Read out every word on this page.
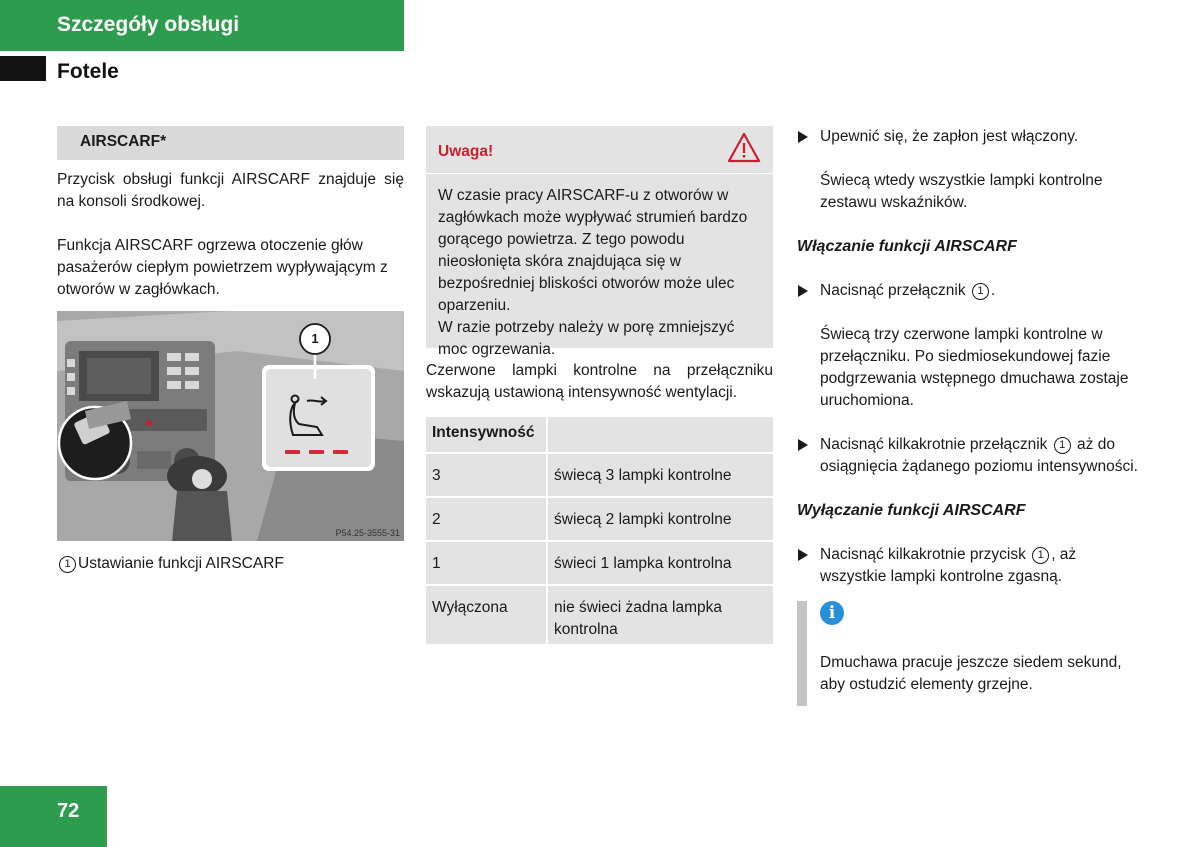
Szczegóły obsługi
Fotele
AIRSCARF*

Przycisk obsługi funkcji AIRSCARF znajduje się na konsoli środkowej.

Funkcja AIRSCARF ogrzewa otoczenie głów pasażerów ciepłym powietrzem wypływającym z otworów w zagłówkach.

1
P54.25-3555-31
1 Ustawianie funkcji AIRSCARF
Uwaga!

W czasie pracy AIRSCARF-u z otworów w zagłówkach może wypływać strumień bardzo gorącego powietrza. Z tego powodu nieosłonięta skóra znajdująca się w bezpośredniej bliskości otworów może ulec oparzeniu.

W razie potrzeby należy w porę zmniejszyć moc ogrzewania.

Czerwone lampki kontrolne na przełączniku wskazują ustawioną intensywność wentylacji.

Intensywność	
3	świecą 3 lampki kontrolne
2	świecą 2 lampki kontrolne
1	świeci 1 lampka kontrolna
Wyłączona	nie świeci żadna lampka kontrolna
Upewnić się, że zapłon jest włączony.

Świecą wtedy wszystkie lampki kontrolne zestawu wskaźników.

Włączanie funkcji AIRSCARF
Nacisnąć przełącznik 1 .

Świecą trzy czerwone lampki kontrolne w przełączniku. Po siedmiosekundowej fazie podgrzewania wstępnego dmuchawa zostaje uruchomiona.

Nacisnąć kilkakrotnie przełącznik 1 aż do osiągnięcia żądanego poziomu intensywności.
Wyłączanie funkcji AIRSCARF
Nacisnąć kilkakrotnie przycisk 1 , aż wszystkie lampki kontrolne zgasną.
i

Dmuchawa pracuje jeszcze siedem sekund, aby ostudzić elementy grzejne.

72
